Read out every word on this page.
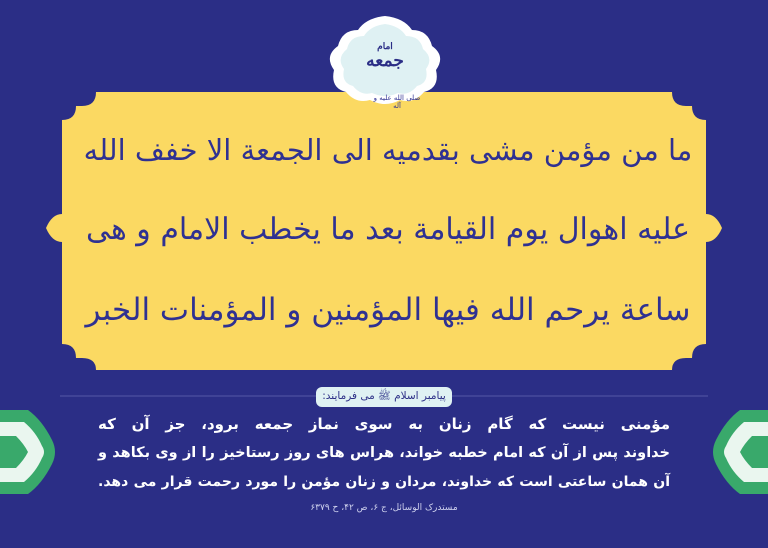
امام
جمعه
صلی الله علیه و آله
ما من مؤمن مشی بقدمیه الی الجمعة الا خفف الله
علیه اهوال یوم القیامة بعد ما یخطب الامام و هی
ساعة یرحم الله فیها المؤمنین و المؤمنات الخبر
پیامبر اسلام ﷺ می فرمایند:
مؤمنی نیست که گام زنان به سوی نماز جمعه برود، جز آن که
خداوند پس از آن که امام خطبه خواند، هراس های روز رستاخیز را از وی بکاهد و
آن همان ساعتی است که خداوند، مردان و زنان مؤمن را مورد رحمت قرار می دهد.
مستدرک الوسائل، ج ۶، ص ۴۲، ح ۶۳۷۹
